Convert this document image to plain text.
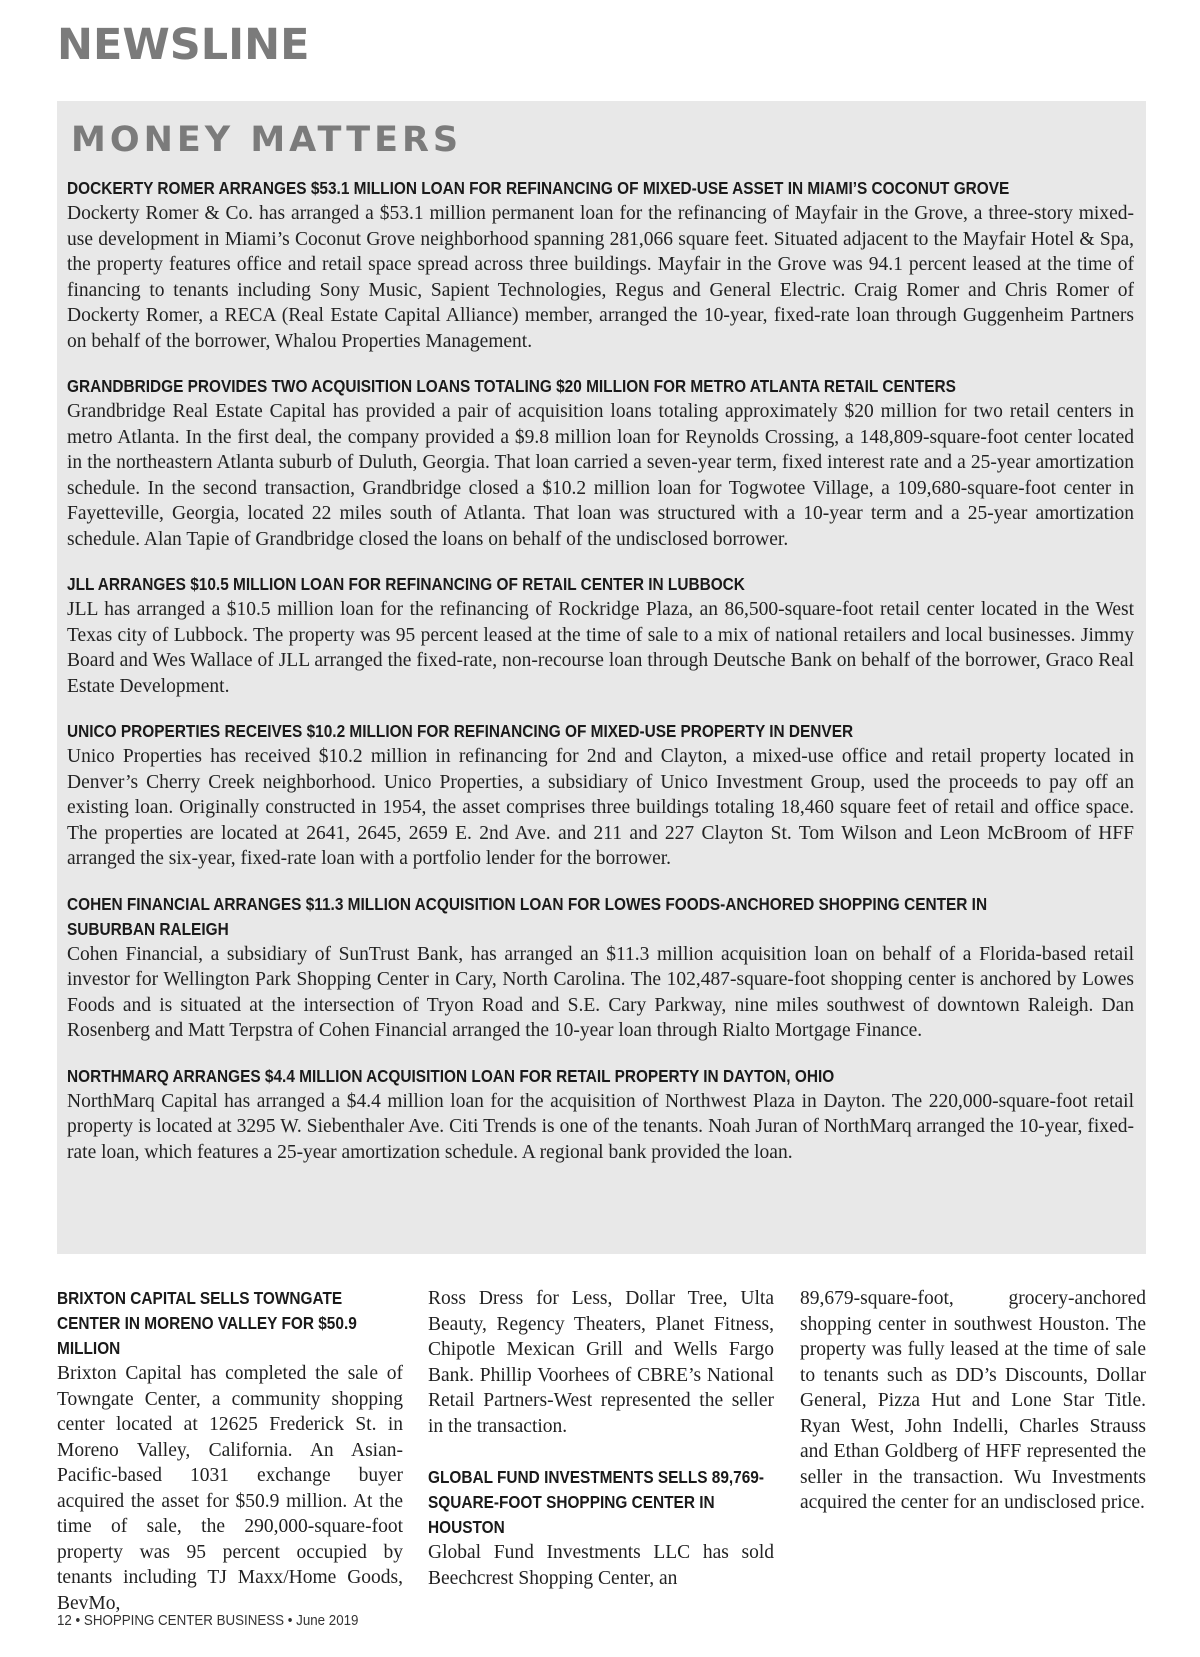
NEWSLINE
MONEY MATTERS
DOCKERTY ROMER ARRANGES $53.1 MILLION LOAN FOR REFINANCING OF MIXED-USE ASSET IN MIAMI’S COCONUT GROVE

Dockerty Romer & Co. has arranged a $53.1 million permanent loan for the refinancing of Mayfair in the Grove, a three-story mixed-use development in Miami’s Coconut Grove neighborhood spanning 281,066 square feet. Situated adjacent to the Mayfair Hotel & Spa, the property features office and retail space spread across three buildings. Mayfair in the Grove was 94.1 percent leased at the time of financing to tenants including Sony Music, Sapient Technologies, Regus and General Electric. Craig Romer and Chris Romer of Dockerty Romer, a RECA (Real Estate Capital Alliance) member, arranged the 10-year, fixed-rate loan through Guggenheim Partners on behalf of the borrower, Whalou Properties Management.

GRANDBRIDGE PROVIDES TWO ACQUISITION LOANS TOTALING $20 MILLION FOR METRO ATLANTA RETAIL CENTERS

Grandbridge Real Estate Capital has provided a pair of acquisition loans totaling approximately $20 million for two retail centers in metro Atlanta. In the first deal, the company provided a $9.8 million loan for Reynolds Crossing, a 148,809-square-foot center located in the northeastern Atlanta suburb of Duluth, Georgia. That loan carried a seven-year term, fixed interest rate and a 25-year amortization schedule. In the second transaction, Grandbridge closed a $10.2 million loan for Togwotee Village, a 109,680-square-foot center in Fayetteville, Georgia, located 22 miles south of Atlanta. That loan was structured with a 10-year term and a 25-year amortization schedule. Alan Tapie of Grandbridge closed the loans on behalf of the undisclosed borrower.

JLL ARRANGES $10.5 MILLION LOAN FOR REFINANCING OF RETAIL CENTER IN LUBBOCK

JLL has arranged a $10.5 million loan for the refinancing of Rockridge Plaza, an 86,500-square-foot retail center located in the West Texas city of Lubbock. The property was 95 percent leased at the time of sale to a mix of national retailers and local businesses. Jimmy Board and Wes Wallace of JLL arranged the fixed-rate, non-recourse loan through Deutsche Bank on behalf of the borrower, Graco Real Estate Development.

UNICO PROPERTIES RECEIVES $10.2 MILLION FOR REFINANCING OF MIXED-USE PROPERTY IN DENVER

Unico Properties has received $10.2 million in refinancing for 2nd and Clayton, a mixed-use office and retail property located in Denver’s Cherry Creek neighborhood. Unico Properties, a subsidiary of Unico Investment Group, used the proceeds to pay off an existing loan. Originally constructed in 1954, the asset comprises three buildings totaling 18,460 square feet of retail and office space. The properties are located at 2641, 2645, 2659 E. 2nd Ave. and 211 and 227 Clayton St. Tom Wilson and Leon McBroom of HFF arranged the six-year, fixed-rate loan with a portfolio lender for the borrower.

COHEN FINANCIAL ARRANGES $11.3 MILLION ACQUISITION LOAN FOR LOWES FOODS-ANCHORED SHOPPING CENTER IN SUBURBAN RALEIGH

Cohen Financial, a subsidiary of SunTrust Bank, has arranged an $11.3 million acquisition loan on behalf of a Florida-based retail investor for Wellington Park Shopping Center in Cary, North Carolina. The 102,487-square-foot shopping center is anchored by Lowes Foods and is situated at the intersection of Tryon Road and S.E. Cary Parkway, nine miles southwest of downtown Raleigh. Dan Rosenberg and Matt Terpstra of Cohen Financial arranged the 10-year loan through Rialto Mortgage Finance.

NORTHMARQ ARRANGES $4.4 MILLION ACQUISITION LOAN FOR RETAIL PROPERTY IN DAYTON, OHIO

NorthMarq Capital has arranged a $4.4 million loan for the acquisition of Northwest Plaza in Dayton. The 220,000-square-foot retail property is located at 3295 W. Siebenthaler Ave. Citi Trends is one of the tenants. Noah Juran of NorthMarq arranged the 10-year, fixed-rate loan, which features a 25-year amortization schedule. A regional bank provided the loan.

BRIXTON CAPITAL SELLS TOWNGATE CENTER IN MORENO VALLEY FOR $50.9 MILLION

Brixton Capital has completed the sale of Towngate Center, a community shopping center located at 12625 Frederick St. in Moreno Valley, California. An Asian-Pacific-based 1031 exchange buyer acquired the asset for $50.9 million. At the time of sale, the 290,000-square-foot property was 95 percent occupied by tenants including TJ Maxx/Home Goods, BevMo,

Ross Dress for Less, Dollar Tree, Ulta Beauty, Regency Theaters, Planet Fitness, Chipotle Mexican Grill and Wells Fargo Bank. Phillip Voorhees of CBRE’s National Retail Partners-West represented the seller in the transaction.

GLOBAL FUND INVESTMENTS SELLS 89,769-SQUARE-FOOT SHOPPING CENTER IN HOUSTON

Global Fund Investments LLC has sold Beechcrest Shopping Center, an

89,679-square-foot, grocery-anchored shopping center in southwest Houston. The property was fully leased at the time of sale to tenants such as DD’s Discounts, Dollar General, Pizza Hut and Lone Star Title. Ryan West, John Indelli, Charles Strauss and Ethan Goldberg of HFF represented the seller in the transaction. Wu Investments acquired the center for an undisclosed price.

12 • SHOPPING CENTER BUSINESS • June 2019
